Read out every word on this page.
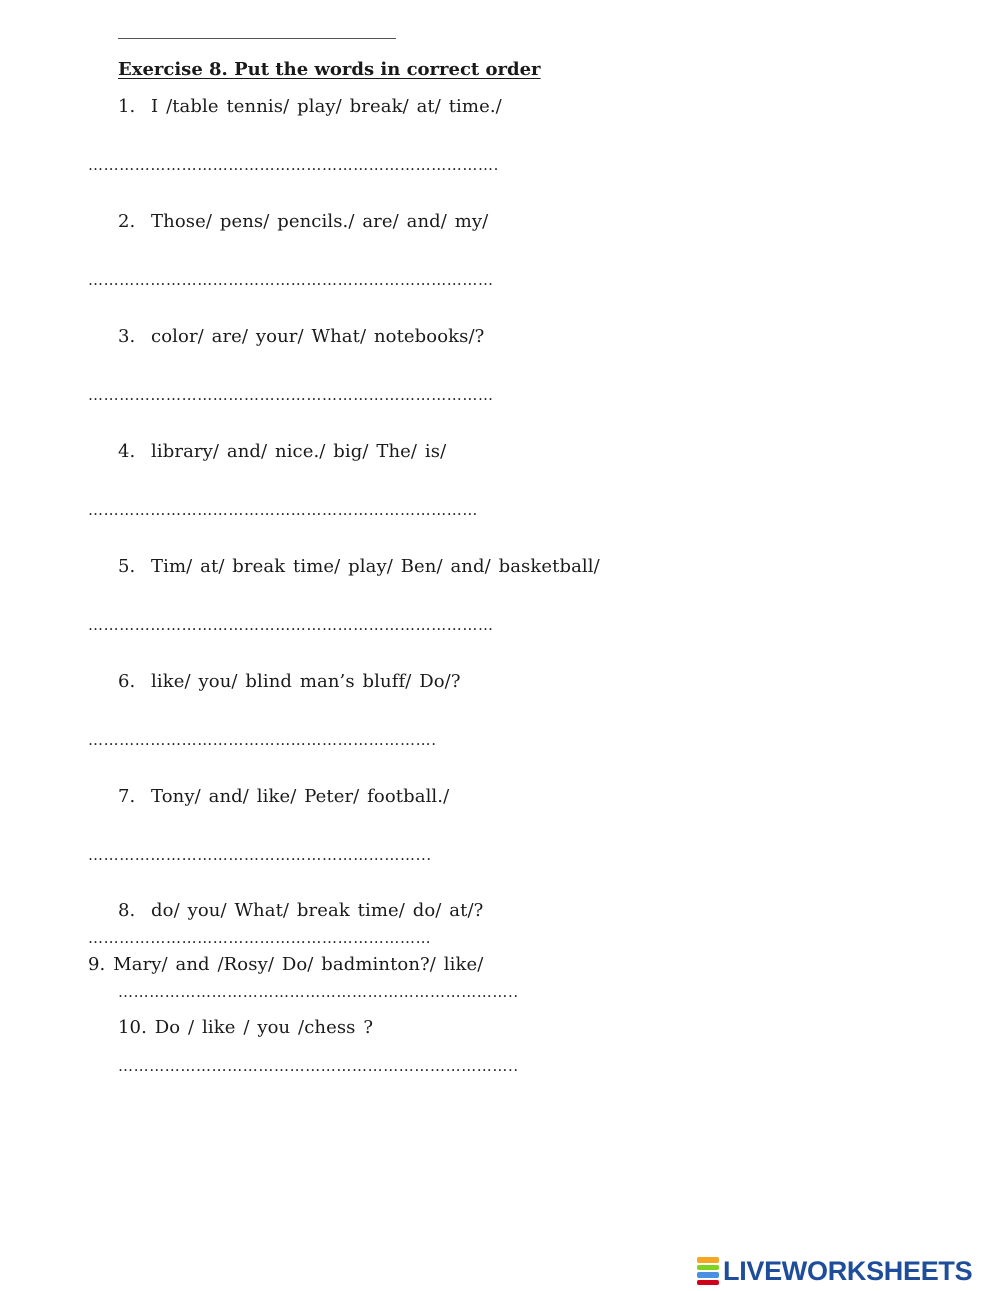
Exercise 8. Put the words in correct order
1. I /table tennis/ play/ break/ at/ time./
…………………………………………………………………….
2. Those/ pens/ pencils./ are/ and/ my/
……………………………………………………………………
3. color/ are/ your/ What/ notebooks/?
……………………………………………………………………
4. library/ and/ nice./ big/ The/ is/
…………………………………………………………………
5. Tim/ at/ break time/ play/ Ben/ and/ basketball/
……………………………………………………………………
6. like/ you/ blind man’s bluff/ Do/?
………………………………………………………….
7. Tony/ and/ like/ Peter/ football./
………………………………………………………...
8. do/ you/ What/ break time/ do/ at/?
…………………………………………………………
9. Mary/ and /Rosy/ Do/ badminton?/ like/
…………………………………………………………………..
10. Do / like / you /chess ?
…………………………………………………………………..
LIVEWORKSHEETS
